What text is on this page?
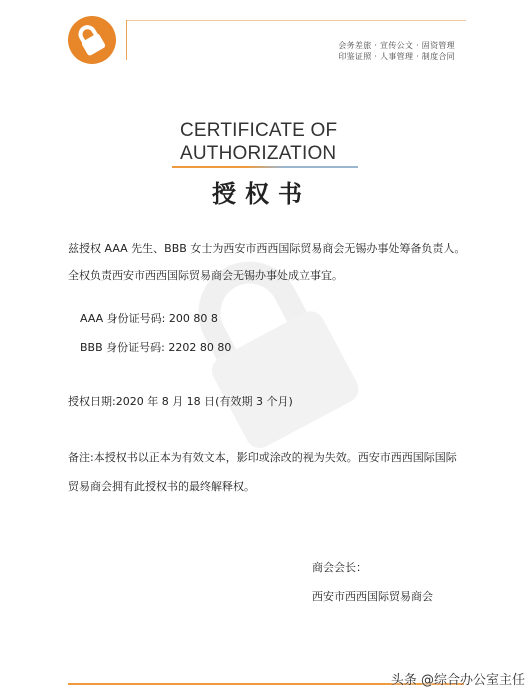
会务差旅 · 宣传公文 · 固资管理
印鉴证照 · 人事管理 · 制度合同
CERTIFICATE OF
AUTHORIZATION
授权书
兹授权 AAA 先生、BBB 女士为西安市西西国际贸易商会无锡办事处筹备负责人。
全权负责西安市西西国际贸易商会无锡办事处成立事宜。
AAA 身份证号码: 200 80 8
BBB 身份证号码: 2202 80 80
授权日期:2020 年 8 月 18 日(有效期 3 个月)
备注:本授权书以正本为有效文本，影印或涂改的视为失效。西安市西西国际国际
贸易商会拥有此授权书的最终解释权。
商会会长：
西安市西西国际贸易商会
头条 @综合办公室主任
